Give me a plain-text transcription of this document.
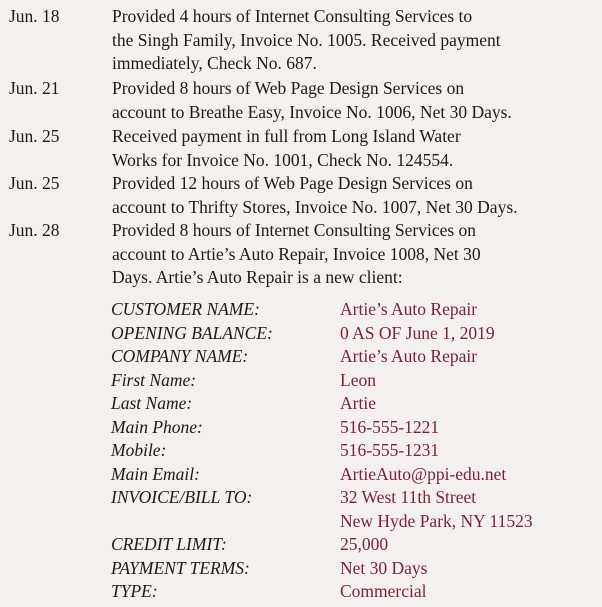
Jun. 18	Provided 4 hours of Internet Consulting Services to
the Singh Family, Invoice No. 1005. Received payment
immediately, Check No. 687.
Jun. 21	Provided 8 hours of Web Page Design Services on
account to Breathe Easy, Invoice No. 1006, Net 30 Days.
Jun. 25	Received payment in full from Long Island Water
Works for Invoice No. 1001, Check No. 124554.
Jun. 25	Provided 12 hours of Web Page Design Services on
account to Thrifty Stores, Invoice No. 1007, Net 30 Days.
Jun. 28	Provided 8 hours of Internet Consulting Services on
account to Artie’s Auto Repair, Invoice 1008, Net 30
Days. Artie’s Auto Repair is a new client:
CUSTOMER NAME:	Artie’s Auto Repair
OPENING BALANCE:	0 AS OF June 1, 2019
COMPANY NAME:	Artie’s Auto Repair
First Name:	Leon
Last Name:	Artie
Main Phone:	516-555-1221
Mobile:	516-555-1231
Main Email:	ArtieAuto@ppi-edu.net
INVOICE/BILL TO:	32 West 11th Street
New Hyde Park, NY 11523
CREDIT LIMIT:	25,000
PAYMENT TERMS:	Net 30 Days
TYPE:	Commercial
